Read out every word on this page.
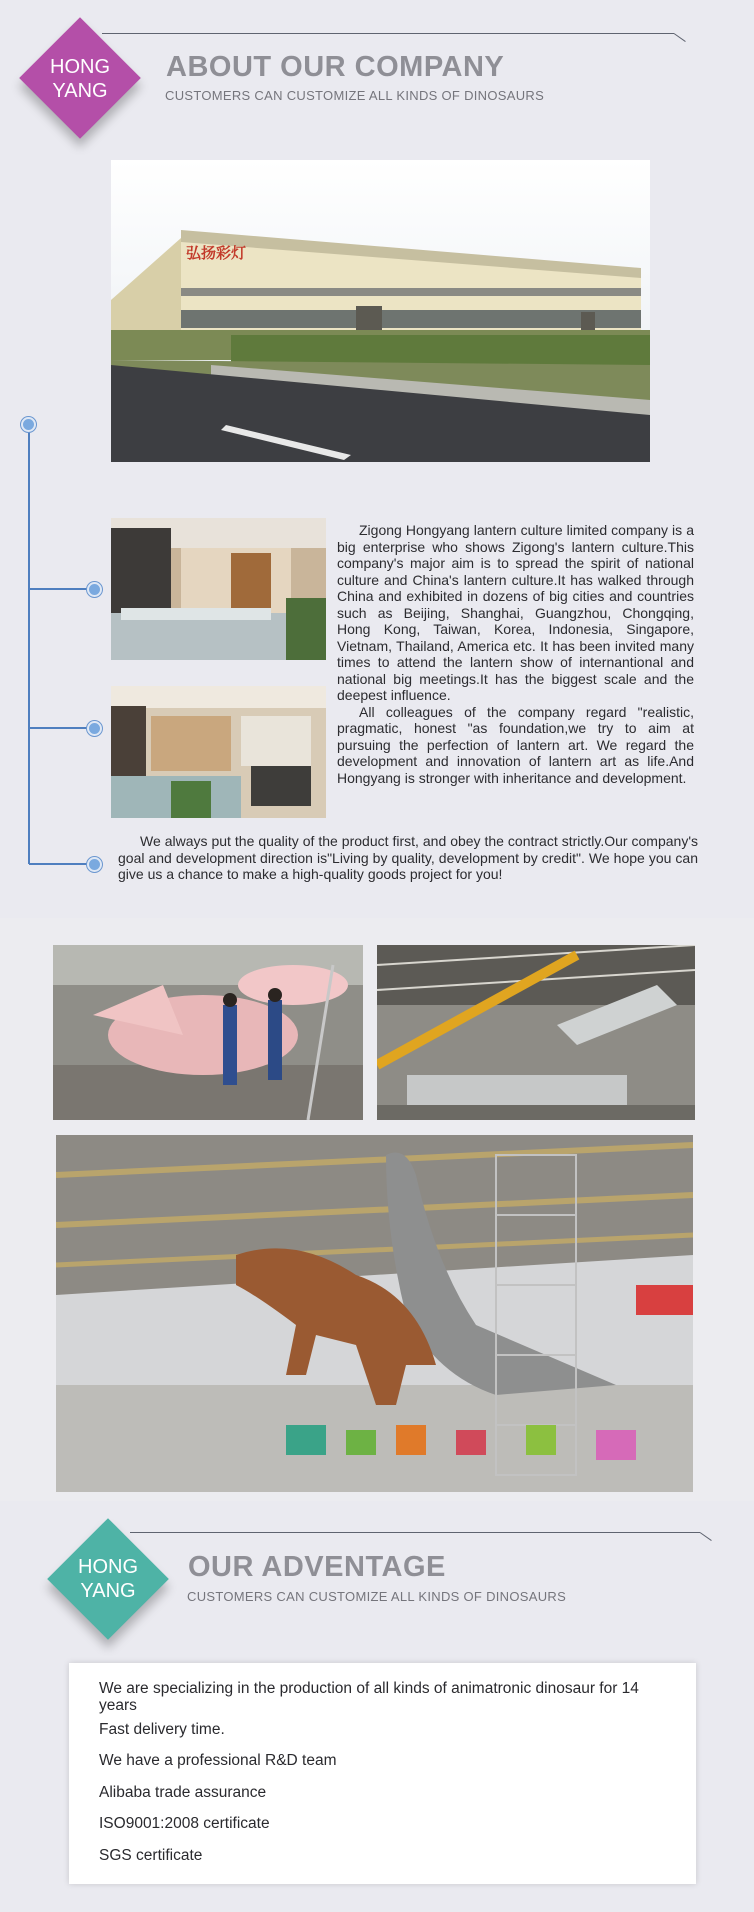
HONG
YANG
ABOUT OUR COMPANY
CUSTOMERS CAN CUSTOMIZE ALL KINDS OF DINOSAURS
弘扬彩灯

Zigong Hongyang lantern culture limited company is a big enterprise who shows Zigong's lantern culture.This company's major aim is to spread the spirit of national culture and China's lantern culture.It has walked through China and exhibited in dozens of big cities and countries such as Beijing, Shanghai, Guangzhou, Chongqing, Hong Kong, Taiwan, Korea, Indonesia, Singapore, Vietnam, Thailand, America etc. It has been invited many times to attend the lantern show of internantional and national big meetings.It has the biggest scale and the deepest influence.

All colleagues of the company regard "realistic, pragmatic, honest "as foundation,we try to aim at pursuing the perfection of lantern art. We regard the development and innovation of lantern art as life.And Hongyang is stronger with inheritance and development.

We always put the quality of the product first, and obey the contract strictly.Our company's goal and development direction is"Living by quality, development by credit". We hope you can give us a chance to make a high-quality goods project for you!

HONG
YANG
OUR ADVENTAGE
CUSTOMERS CAN CUSTOMIZE ALL KINDS OF DINOSAURS
We are specializing in the production of all kinds of animatronic dinosaur for 14 years
Fast delivery time.
We have a professional R&D team
Alibaba trade assurance
ISO9001:2008 certificate
SGS certificate
